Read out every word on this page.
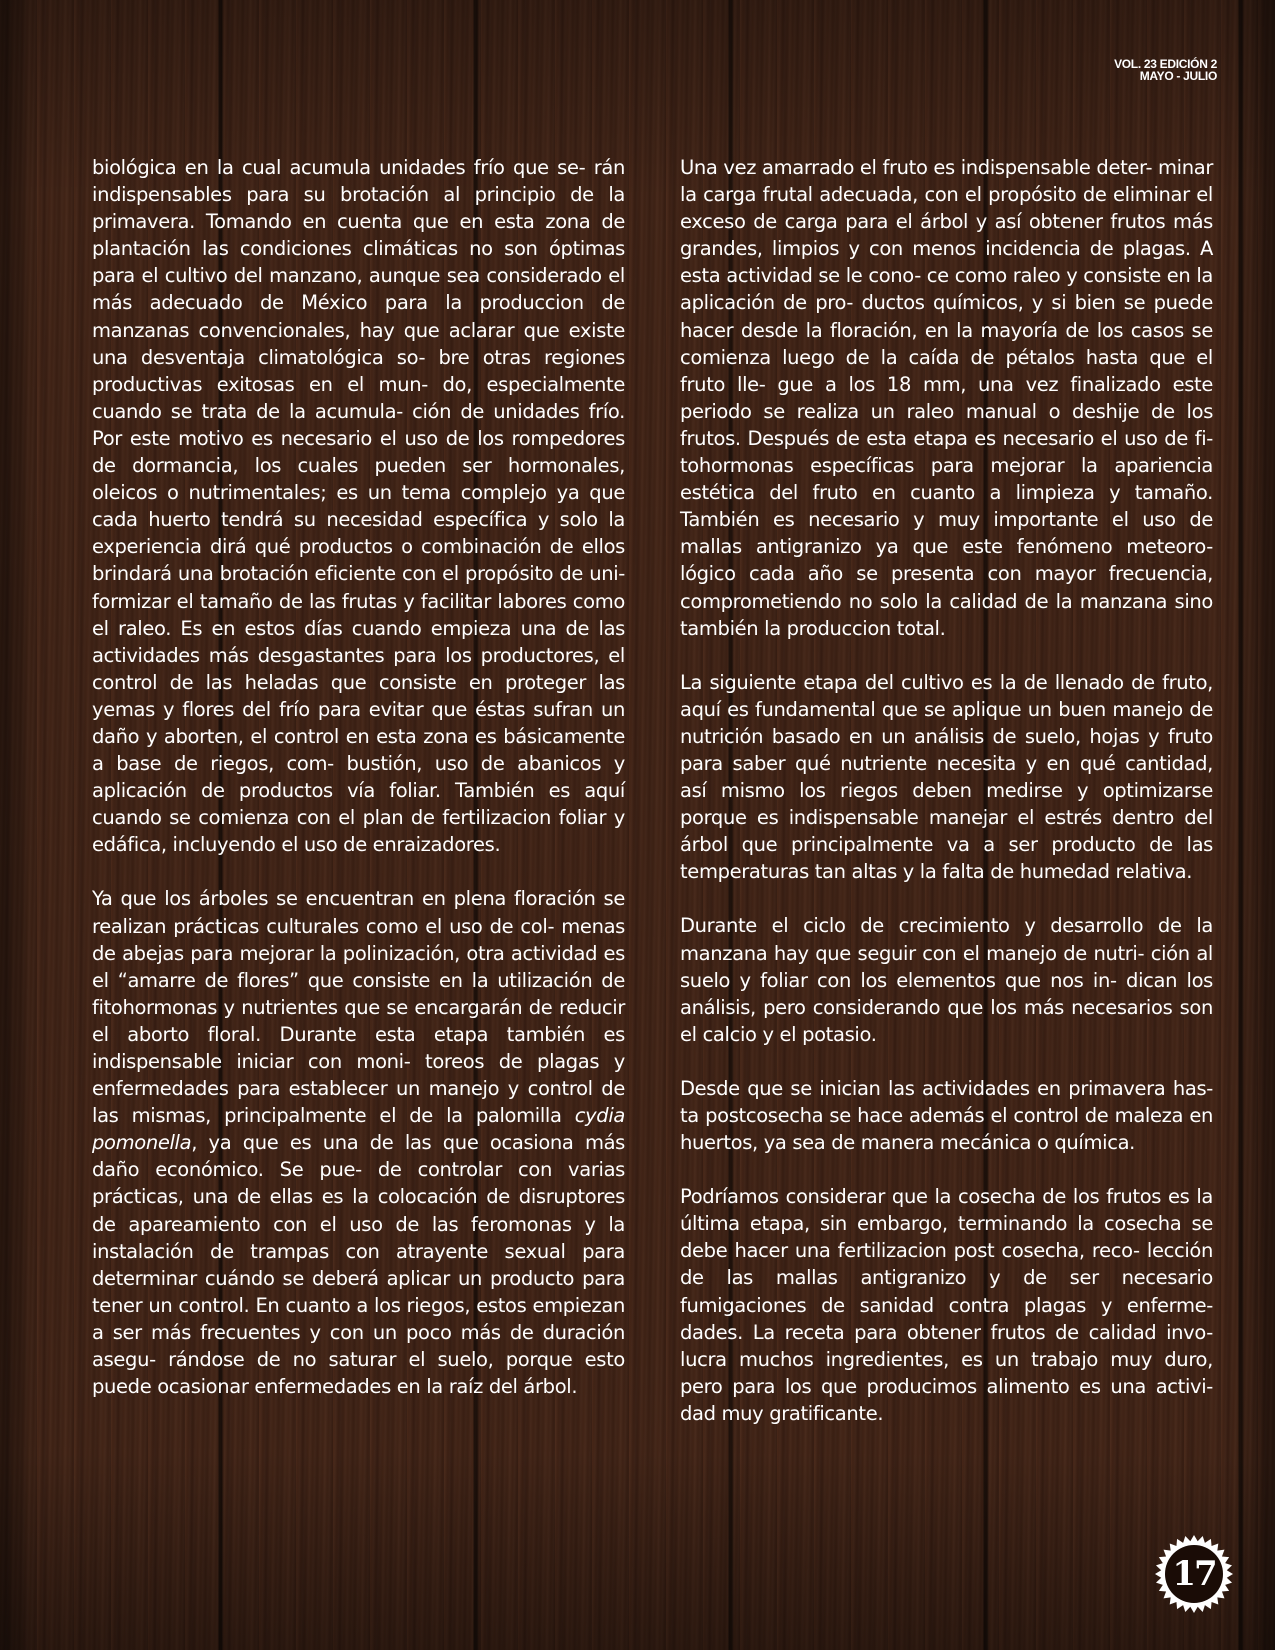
VOL. 23 EDICIÓN 2
MAYO - JULIO

biológica en la cual acumula unidades frío que se- rán indispensables para su brotación al principio de la primavera. Tomando en cuenta que en esta zona de plantación las condiciones climáticas no son óptimas para el cultivo del manzano, aunque sea considerado el más adecuado de México para la produccion de manzanas convencionales, hay que aclarar que existe una desventaja climatológica so- bre otras regiones productivas exitosas en el mun- do, especialmente cuando se trata de la acumula- ción de unidades frío. Por este motivo es necesario el uso de los rompedores de dormancia, los cuales pueden ser hormonales, oleicos o nutrimentales; es un tema complejo ya que cada huerto tendrá su necesidad específica y solo la experiencia dirá qué productos o combinación de ellos brindará una brotación eficiente con el propósito de uni- formizar el tamaño de las frutas y facilitar labores como el raleo. Es en estos días cuando empieza una de las actividades más desgastantes para los productores, el control de las heladas que consiste en proteger las yemas y flores del frío para evitar que éstas sufran un daño y aborten, el control en esta zona es básicamente a base de riegos, com- bustión, uso de abanicos y aplicación de productos vía foliar. También es aquí cuando se comienza con el plan de fertilizacion foliar y edáfica, incluyendo el uso de enraizadores.

Ya que los árboles se encuentran en plena floración se realizan prácticas culturales como el uso de col- menas de abejas para mejorar la polinización, otra actividad es el “amarre de flores” que consiste en la utilización de fitohormonas y nutrientes que se encargarán de reducir el aborto floral. Durante esta etapa también es indispensable iniciar con moni- toreos de plagas y enfermedades para establecer un manejo y control de las mismas, principalmente el de la palomilla cydia pomonella, ya que es una de las que ocasiona más daño económico. Se pue- de controlar con varias prácticas, una de ellas es la colocación de disruptores de apareamiento con el uso de las feromonas y la instalación de trampas con atrayente sexual para determinar cuándo se deberá aplicar un producto para tener un control. En cuanto a los riegos, estos empiezan a ser más frecuentes y con un poco más de duración asegu- rándose de no saturar el suelo, porque esto puede ocasionar enfermedades en la raíz del árbol.

Una vez amarrado el fruto es indispensable deter- minar la carga frutal adecuada, con el propósito de eliminar el exceso de carga para el árbol y así obtener frutos más grandes, limpios y con menos incidencia de plagas. A esta actividad se le cono- ce como raleo y consiste en la aplicación de pro- ductos químicos, y si bien se puede hacer desde la floración, en la mayoría de los casos se comienza luego de la caída de pétalos hasta que el fruto lle- gue a los 18 mm, una vez finalizado este periodo se realiza un raleo manual o deshije de los frutos. Después de esta etapa es necesario el uso de fi- tohormonas específicas para mejorar la apariencia estética del fruto en cuanto a limpieza y tamaño. También es necesario y muy importante el uso de mallas antigranizo ya que este fenómeno meteoro- lógico cada año se presenta con mayor frecuencia, comprometiendo no solo la calidad de la manzana sino también la produccion total.

La siguiente etapa del cultivo es la de llenado de fruto, aquí es fundamental que se aplique un buen manejo de nutrición basado en un análisis de suelo, hojas y fruto para saber qué nutriente necesita y en qué cantidad, así mismo los riegos deben medirse y optimizarse porque es indispensable manejar el estrés dentro del árbol que principalmente va a ser producto de las temperaturas tan altas y la falta de humedad relativa.

Durante el ciclo de crecimiento y desarrollo de la manzana hay que seguir con el manejo de nutri- ción al suelo y foliar con los elementos que nos in- dican los análisis, pero considerando que los más necesarios son el calcio y el potasio.

Desde que se inician las actividades en primavera has- ta postcosecha se hace además el control de maleza en huertos, ya sea de manera mecánica o química.

Podríamos considerar que la cosecha de los frutos es la última etapa, sin embargo, terminando la cosecha se debe hacer una fertilizacion post cosecha, reco- lección de las mallas antigranizo y de ser necesario fumigaciones de sanidad contra plagas y enferme- dades. La receta para obtener frutos de calidad invo- lucra muchos ingredientes, es un trabajo muy duro, pero para los que producimos alimento es una activi- dad muy gratificante.

17
